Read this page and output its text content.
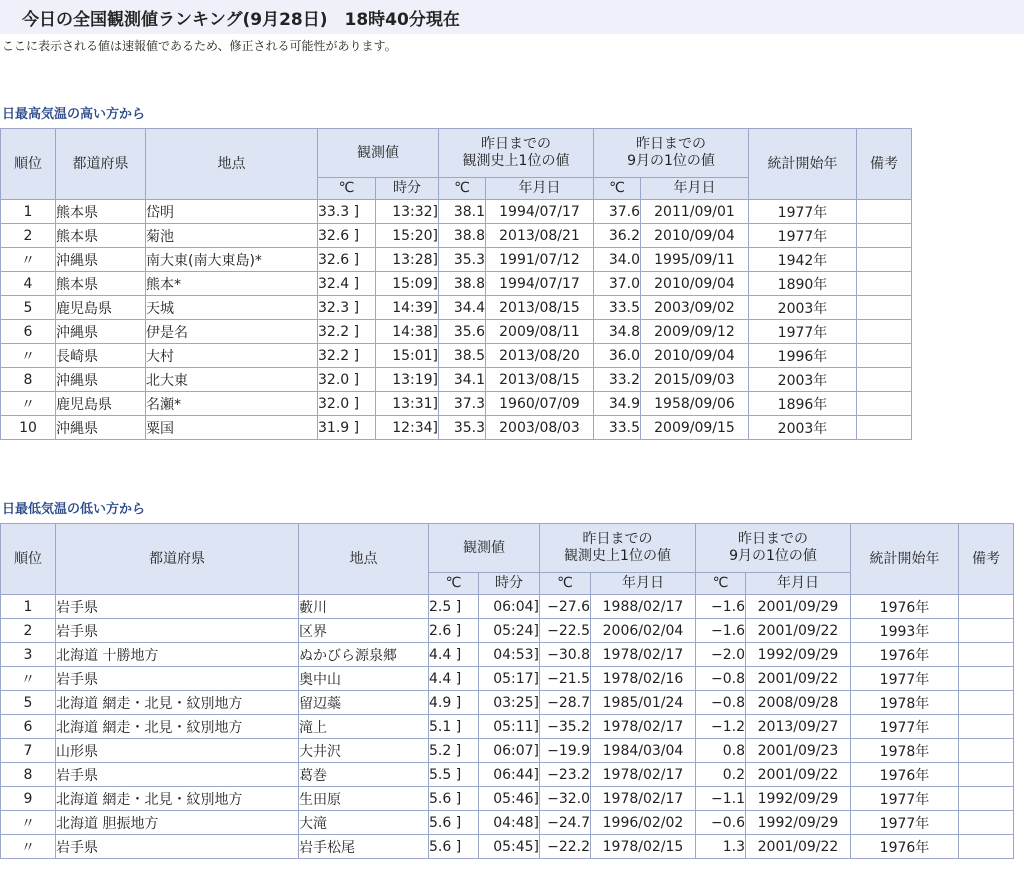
今日の全国観測値ランキング(9月28日)　18時40分現在
ここに表示される値は速報値であるため、修正される可能性があります。
日最高気温の高い方から
順位	都道府県	地点	観測値		昨日までの
観測史上1位の値		昨日までの
9月の1位の値		統計開始年	備考
			℃	時分	℃	年月日	℃	年月日		
1	熊本県	岱明	33.3 ]	13:32]	38.1	1994/07/17	37.6	2011/09/01	1977年	
2	熊本県	菊池	32.6 ]	15:20]	38.8	2013/08/21	36.2	2010/09/04	1977年	
〃	沖縄県	南大東(南大東島)*	32.6 ]	13:28]	35.3	1991/07/12	34.0	1995/09/11	1942年	
4	熊本県	熊本*	32.4 ]	15:09]	38.8	1994/07/17	37.0	2010/09/04	1890年	
5	鹿児島県	天城	32.3 ]	14:39]	34.4	2013/08/15	33.5	2003/09/02	2003年	
6	沖縄県	伊是名	32.2 ]	14:38]	35.6	2009/08/11	34.8	2009/09/12	1977年	
〃	長崎県	大村	32.2 ]	15:01]	38.5	2013/08/20	36.0	2010/09/04	1996年	
8	沖縄県	北大東	32.0 ]	13:19]	34.1	2013/08/15	33.2	2015/09/03	2003年	
〃	鹿児島県	名瀬*	32.0 ]	13:31]	37.3	1960/07/09	34.9	1958/09/06	1896年	
10	沖縄県	粟国	31.9 ]	12:34]	35.3	2003/08/03	33.5	2009/09/15	2003年	
日最低気温の低い方から
順位	都道府県	地点	観測値		昨日までの
観測史上1位の値		昨日までの
9月の1位の値		統計開始年	備考
			℃	時分	℃	年月日	℃	年月日		
1	岩手県	藪川	2.5 ]	06:04]	−27.6	1988/02/17	−1.6	2001/09/29	1976年	
2	岩手県	区界	2.6 ]	05:24]	−22.5	2006/02/04	−1.6	2001/09/22	1993年	
3	北海道 十勝地方	ぬかびら源泉郷	4.4 ]	04:53]	−30.8	1978/02/17	−2.0	1992/09/29	1976年	
〃	岩手県	奥中山	4.4 ]	05:17]	−21.5	1978/02/16	−0.8	2001/09/22	1977年	
5	北海道 網走・北見・紋別地方	留辺蘂	4.9 ]	03:25]	−28.7	1985/01/24	−0.8	2008/09/28	1978年	
6	北海道 網走・北見・紋別地方	滝上	5.1 ]	05:11]	−35.2	1978/02/17	−1.2	2013/09/27	1977年	
7	山形県	大井沢	5.2 ]	06:07]	−19.9	1984/03/04	0.8	2001/09/23	1978年	
8	岩手県	葛巻	5.5 ]	06:44]	−23.2	1978/02/17	0.2	2001/09/22	1976年	
9	北海道 網走・北見・紋別地方	生田原	5.6 ]	05:46]	−32.0	1978/02/17	−1.1	1992/09/29	1977年	
〃	北海道 胆振地方	大滝	5.6 ]	04:48]	−24.7	1996/02/02	−0.6	1992/09/29	1977年	
〃	岩手県	岩手松尾	5.6 ]	05:45]	−22.2	1978/02/15	1.3	2001/09/22	1976年	
